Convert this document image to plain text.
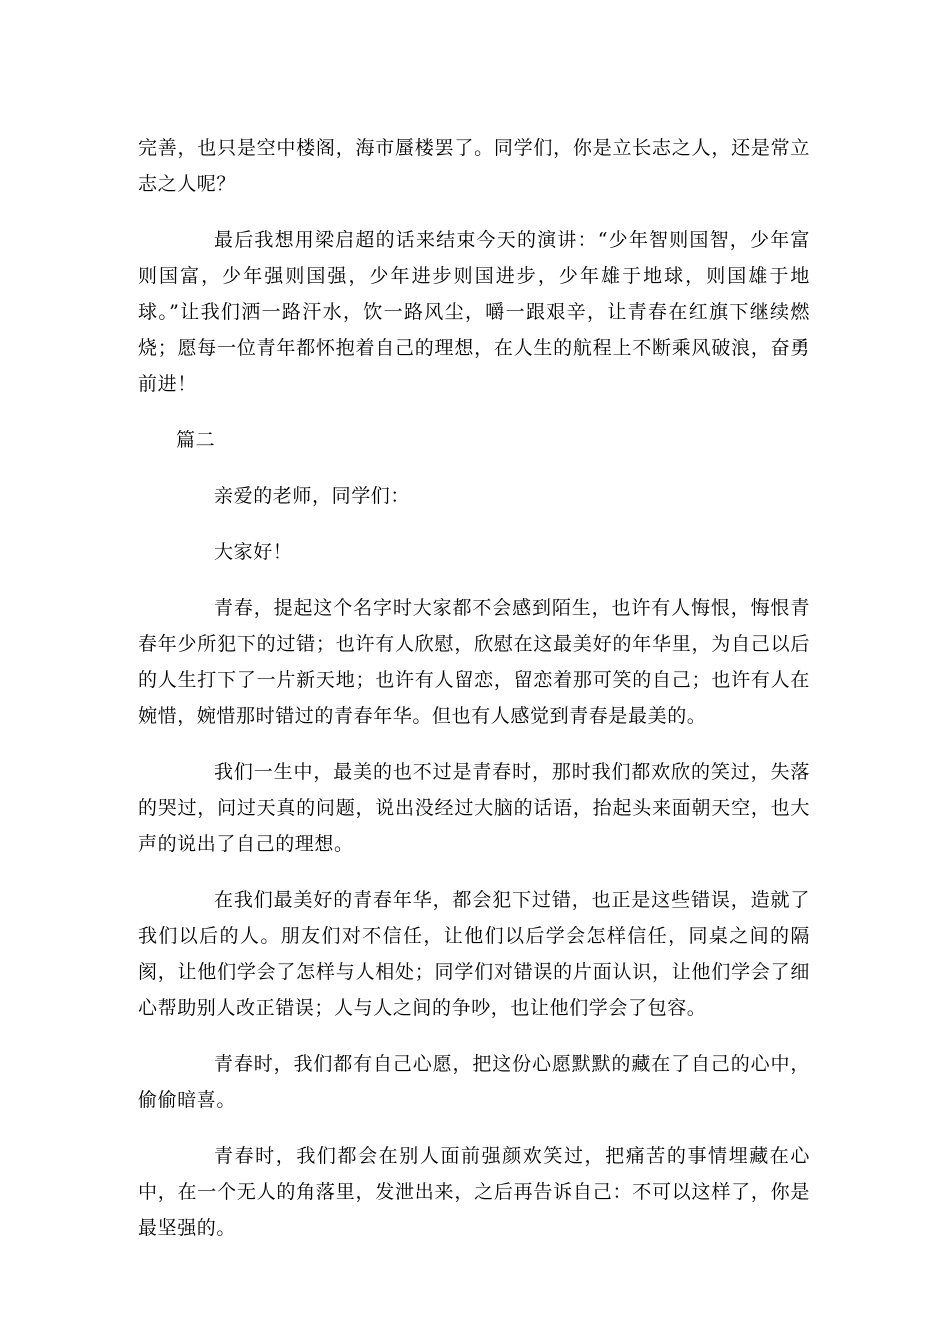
完善，也只是空中楼阁，海市蜃楼罢了。同学们，你是立长志之人，还是常立志之人呢？

最后我想用梁启超的话来结束今天的演讲：“少年智则国智，少年富则国富，少年强则国强，少年进步则国进步，少年雄于地球，则国雄于地球。”让我们洒一路汗水，饮一路风尘，嚼一跟艰辛，让青春在红旗下继续燃烧；愿每一位青年都怀抱着自己的理想，在人生的航程上不断乘风破浪，奋勇前进！

篇二

亲爱的老师，同学们：

大家好！

青春，提起这个名字时大家都不会感到陌生，也许有人悔恨，悔恨青春年少所犯下的过错；也许有人欣慰，欣慰在这最美好的年华里，为自己以后的人生打下了一片新天地；也许有人留恋，留恋着那可笑的自己；也许有人在婉惜，婉惜那时错过的青春年华。但也有人感觉到青春是最美的。

我们一生中，最美的也不过是青春时，那时我们都欢欣的笑过，失落的哭过，问过天真的问题，说出没经过大脑的话语，抬起头来面朝天空，也大声的说出了自己的理想。

在我们最美好的青春年华，都会犯下过错，也正是这些错误，造就了我们以后的人。朋友们对不信任，让他们以后学会怎样信任，同桌之间的隔阂，让他们学会了怎样与人相处；同学们对错误的片面认识，让他们学会了细心帮助别人改正错误；人与人之间的争吵，也让他们学会了包容。

青春时，我们都有自己心愿，把这份心愿默默的藏在了自己的心中，偷偷暗喜。

青春时，我们都会在别人面前强颜欢笑过，把痛苦的事情埋藏在心中，在一个无人的角落里，发泄出来，之后再告诉自己：不可以这样了，你是最坚强的。
